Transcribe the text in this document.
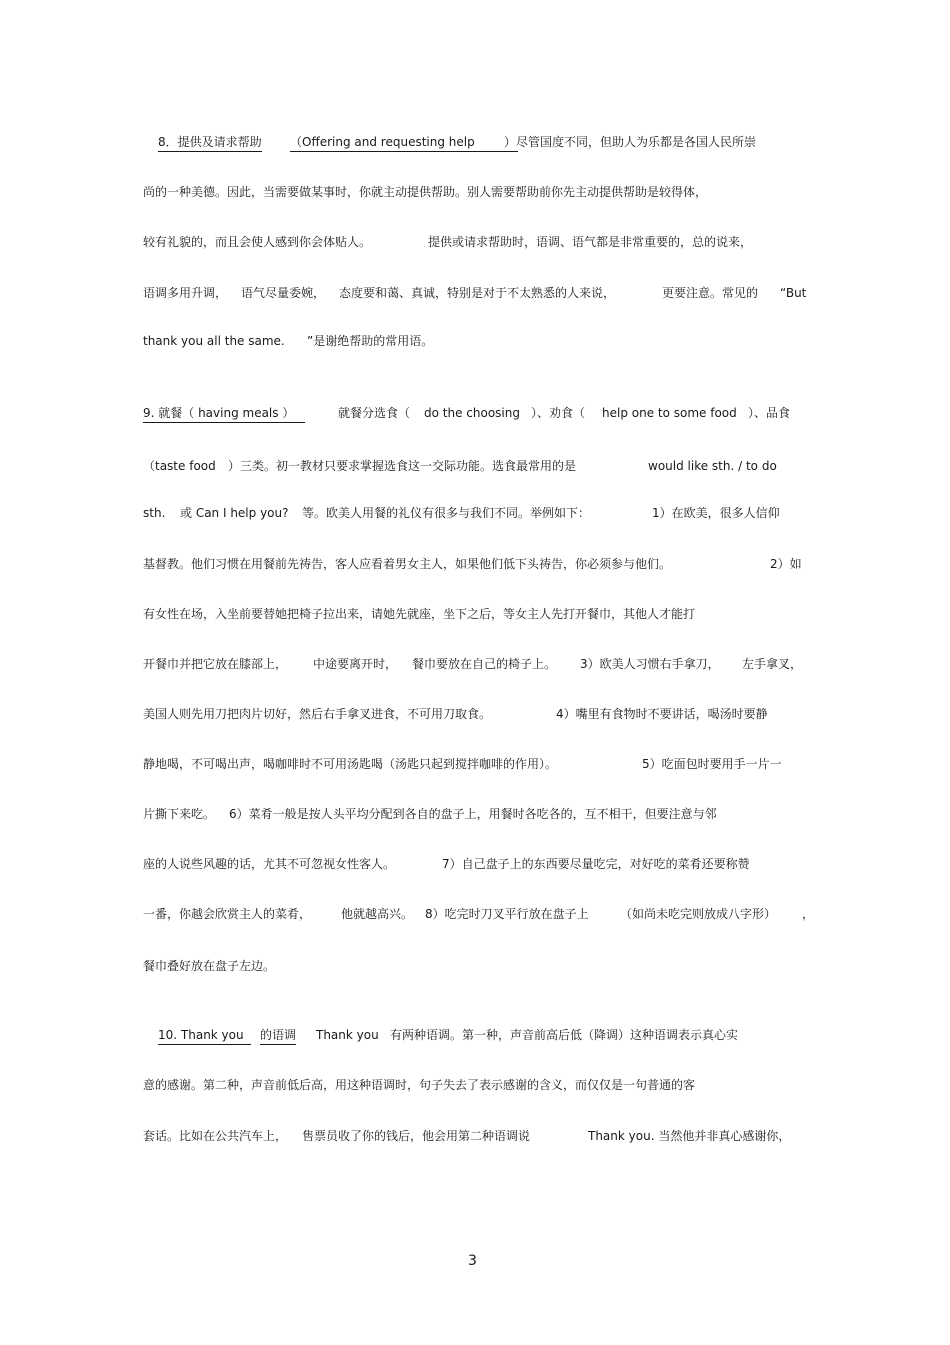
8．提供及请求帮助 （Offering and requesting help	）尽管国度不同，但助人为乐都是各国人民所崇
尚的一种美德。因此，当需要做某事时，你就主动提供帮助。别人需要帮助前你先主动提供帮助是较得体，
较有礼貌的，而且会使人感到你会体贴人。	提供或请求帮助时，语调、语气都是非常重要的，总的说来，
语调多用升调， 语气尽量委婉， 态度要和蔼、真诚，特别是对于不太熟悉的人来说，	更要注意。常见的 “But
thank you all the same. ”是谢绝帮助的常用语。
9. 就餐（ having meals ）	就餐分选食（ do the choosing ）、劝食（ help one to some food ）、品食
（taste food ）三类。初一教材只要求掌握选食这一交际功能。选食最常用的是	would like sth. / to do
sth. 或 Can I help you? 等。欧美人用餐的礼仪有很多与我们不同。举例如下：	1）在欧美，很多人信仰
基督教。他们习惯在用餐前先祷告，客人应看着男女主人，如果他们低下头祷告，你必须参与他们。	2）如
有女性在场，入坐前要替她把椅子拉出来，请她先就座，坐下之后，等女主人先打开餐巾，其他人才能打
开餐巾并把它放在膝部上， 中途要离开时， 餐巾要放在自己的椅子上。 3）欧美人习惯右手拿刀， 左手拿叉，
美国人则先用刀把肉片切好，然后右手拿叉进食，不可用刀取食。	4）嘴里有食物时不要讲话，喝汤时要静
静地喝，不可喝出声，喝咖啡时不可用汤匙喝（汤匙只起到搅拌咖啡的作用）。	5）吃面包时要用手一片一
片撕下来吃。 6）菜肴一般是按人头平均分配到各自的盘子上，用餐时各吃各的，互不相干，但要注意与邻
座的人说些风趣的话，尤其不可忽视女性客人。	7）自己盘子上的东西要尽量吃完，对好吃的菜肴还要称赞
一番，你越会欣赏主人的菜肴， 他就越高兴。 8）吃完时刀叉平行放在盘子上	（如尚未吃完则放成八字形） ，
餐巾叠好放在盘子左边。
10. Thank you	的语调 Thank you 有两种语调。第一种，声音前高后低（降调）这种语调表示真心实
意的感谢。第二种，声音前低后高，用这种语调时，句子失去了表示感谢的含义，而仅仅是一句普通的客
套话。比如在公共汽车上， 售票员收了你的钱后，他会用第二种语调说	Thank you. 当然他并非真心感谢你，
3
